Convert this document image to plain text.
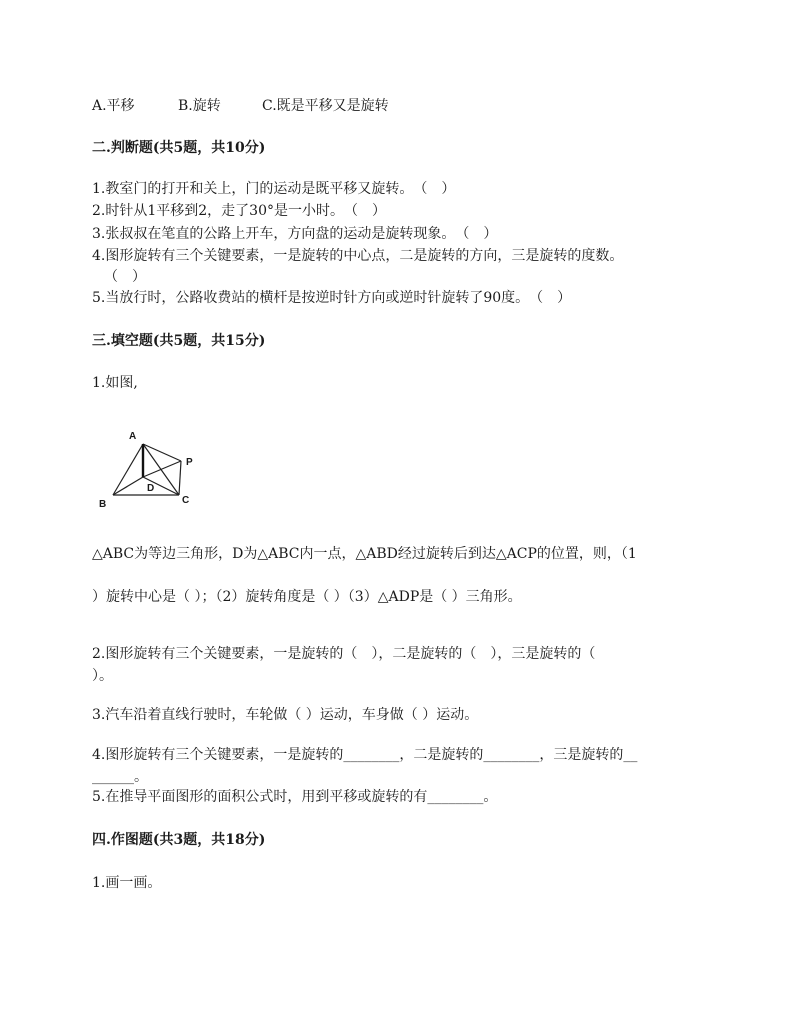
A.平移	B.旋转	C.既是平移又是旋转
二.判断题(共5题，共10分)
1.教室门的打开和关上，门的运动是既平移又旋转。　（　）
2.时针从1平移到2，走了30°是一小时。　（　）
3.张叔叔在笔直的公路上开车，方向盘的运动是旋转现象。　（　）
4.图形旋转有三个关键要素，一是旋转的中心点，二是旋转的方向，三是旋转的度数。
（　）
5.当放行时，公路收费站的横杆是按逆时针方向或逆时针旋转了90度。　（　）
三.填空题(共5题，共15分)
1.如图,
A
B	C
D
P
△ABC为等边三角形，D为△ABC内一点，△ABD经过旋转后到达△ACP的位置，则，（1
）旋转中心是（ ）；（2）旋转角度是（ ）（3）△ADP是（ ）三角形。
2.图形旋转有三个关键要素，一是旋转的（　），二是旋转的（　），三是旋转的（
）。
3.汽车沿着直线行驶时，车轮做（ ）运动，车身做（ ）运动。
4.图形旋转有三个关键要素，一是旋转的________，二是旋转的________，三是旋转的__
______。
5.在推导平面图形的面积公式时，用到平移或旋转的有________。
四.作图题(共3题，共18分)
1.画一画。
